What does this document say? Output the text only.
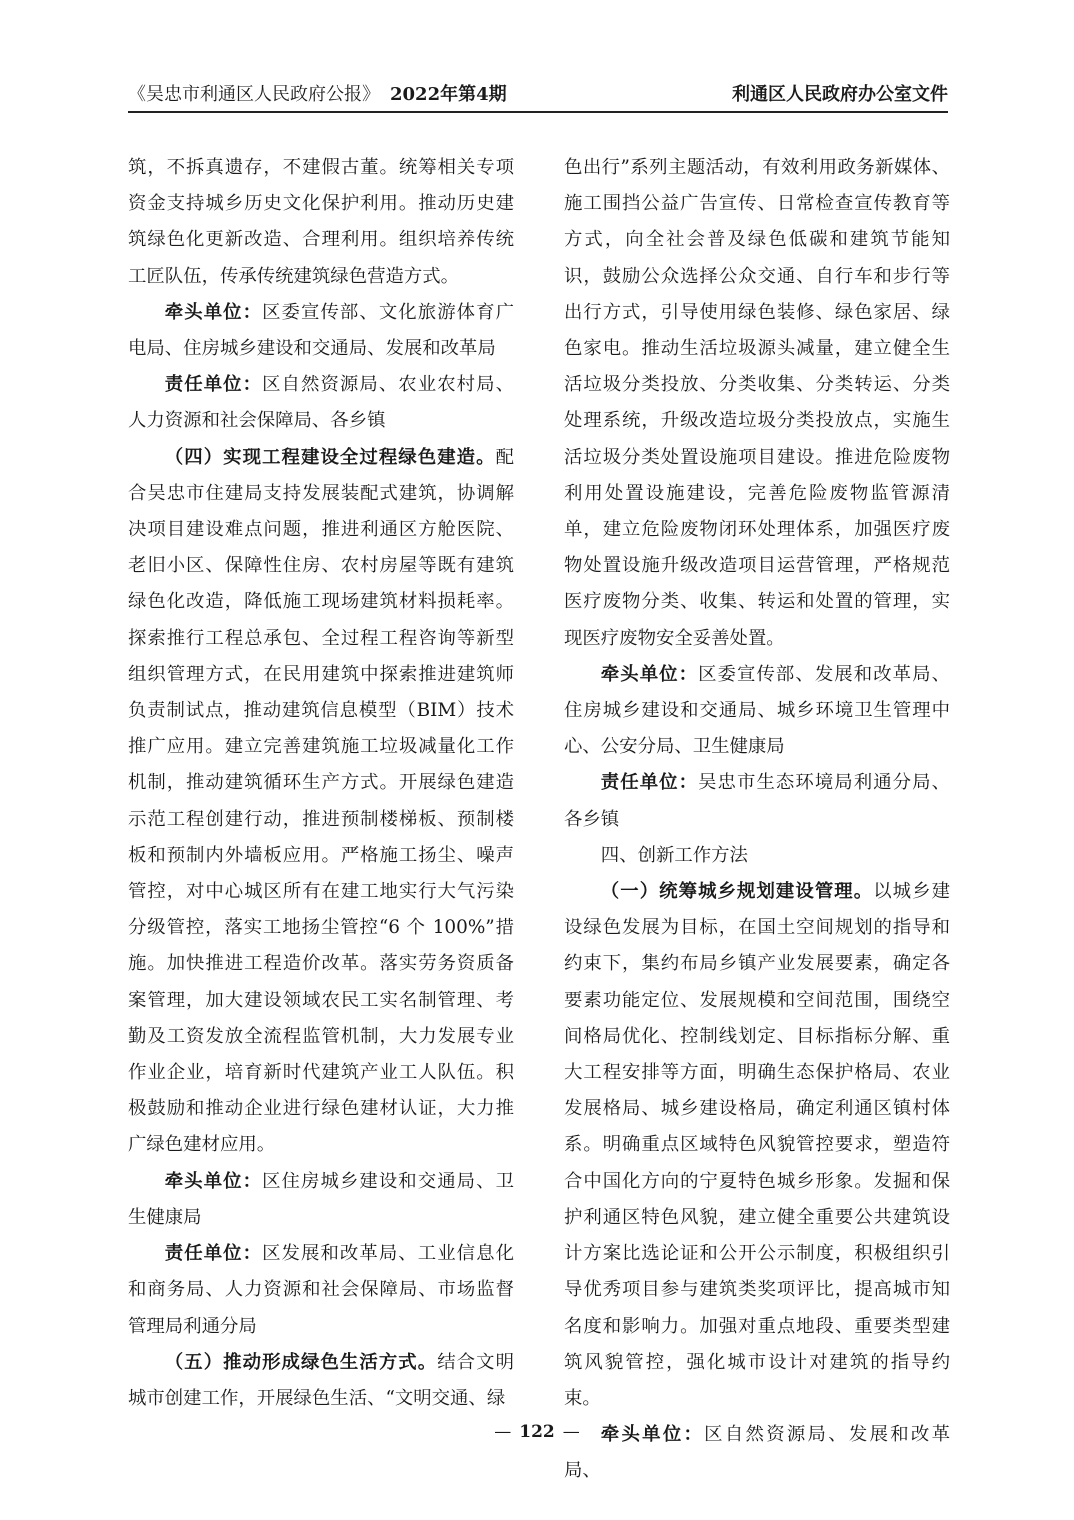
《吴忠市利通区人民政府公报》 2022年第4期	利通区人民政府办公室文件

筑，不拆真遗存，不建假古董。统筹相关专项资金支持城乡历史文化保护利用。推动历史建筑绿色化更新改造、合理利用。组织培养传统工匠队伍，传承传统建筑绿色营造方式。

牵头单位：区委宣传部、文化旅游体育广电局、住房城乡建设和交通局、发展和改革局

责任单位：区自然资源局、农业农村局、人力资源和社会保障局、各乡镇

（四）实现工程建设全过程绿色建造。配合吴忠市住建局支持发展装配式建筑，协调解决项目建设难点问题，推进利通区方舱医院、老旧小区、保障性住房、农村房屋等既有建筑绿色化改造，降低施工现场建筑材料损耗率。探索推行工程总承包、全过程工程咨询等新型组织管理方式，在民用建筑中探索推进建筑师负责制试点，推动建筑信息模型（BIM）技术推广应用。建立完善建筑施工垃圾减量化工作机制，推动建筑循环生产方式。开展绿色建造示范工程创建行动，推进预制楼梯板、预制楼板和预制内外墙板应用。严格施工扬尘、噪声管控，对中心城区所有在建工地实行大气污染分级管控，落实工地扬尘管控“6 个 100%”措施。加快推进工程造价改革。落实劳务资质备案管理，加大建设领域农民工实名制管理、考勤及工资发放全流程监管机制，大力发展专业作业企业，培育新时代建筑产业工人队伍。积极鼓励和推动企业进行绿色建材认证，大力推广绿色建材应用。

牵头单位：区住房城乡建设和交通局、卫生健康局

责任单位：区发展和改革局、工业信息化和商务局、人力资源和社会保障局、市场监督管理局利通分局

（五）推动形成绿色生活方式。结合文明城市创建工作，开展绿色生活、“文明交通、绿

色出行”系列主题活动，有效利用政务新媒体、施工围挡公益广告宣传、日常检查宣传教育等方式，向全社会普及绿色低碳和建筑节能知识，鼓励公众选择公众交通、自行车和步行等出行方式，引导使用绿色装修、绿色家居、绿色家电。推动生活垃圾源头减量，建立健全生活垃圾分类投放、分类收集、分类转运、分类处理系统，升级改造垃圾分类投放点，实施生活垃圾分类处置设施项目建设。推进危险废物利用处置设施建设，完善危险废物监管源清单，建立危险废物闭环处理体系，加强医疗废物处置设施升级改造项目运营管理，严格规范医疗废物分类、收集、转运和处置的管理，实现医疗废物安全妥善处置。

牵头单位：区委宣传部、发展和改革局、住房城乡建设和交通局、城乡环境卫生管理中心、公安分局、卫生健康局

责任单位：吴忠市生态环境局利通分局、各乡镇

四、创新工作方法

（一）统筹城乡规划建设管理。以城乡建设绿色发展为目标，在国土空间规划的指导和约束下，集约布局乡镇产业发展要素，确定各要素功能定位、发展规模和空间范围，围绕空间格局优化、控制线划定、目标指标分解、重大工程安排等方面，明确生态保护格局、农业发展格局、城乡建设格局，确定利通区镇村体系。明确重点区域特色风貌管控要求，塑造符合中国化方向的宁夏特色城乡形象。发掘和保护利通区特色风貌，建立健全重要公共建筑设计方案比选论证和公开公示制度，积极组织引导优秀项目参与建筑类奖项评比，提高城市知名度和影响力。加强对重点地段、重要类型建筑风貌管控，强化城市设计对建筑的指导约束。

牵头单位：区自然资源局、发展和改革局、

— 122 —
